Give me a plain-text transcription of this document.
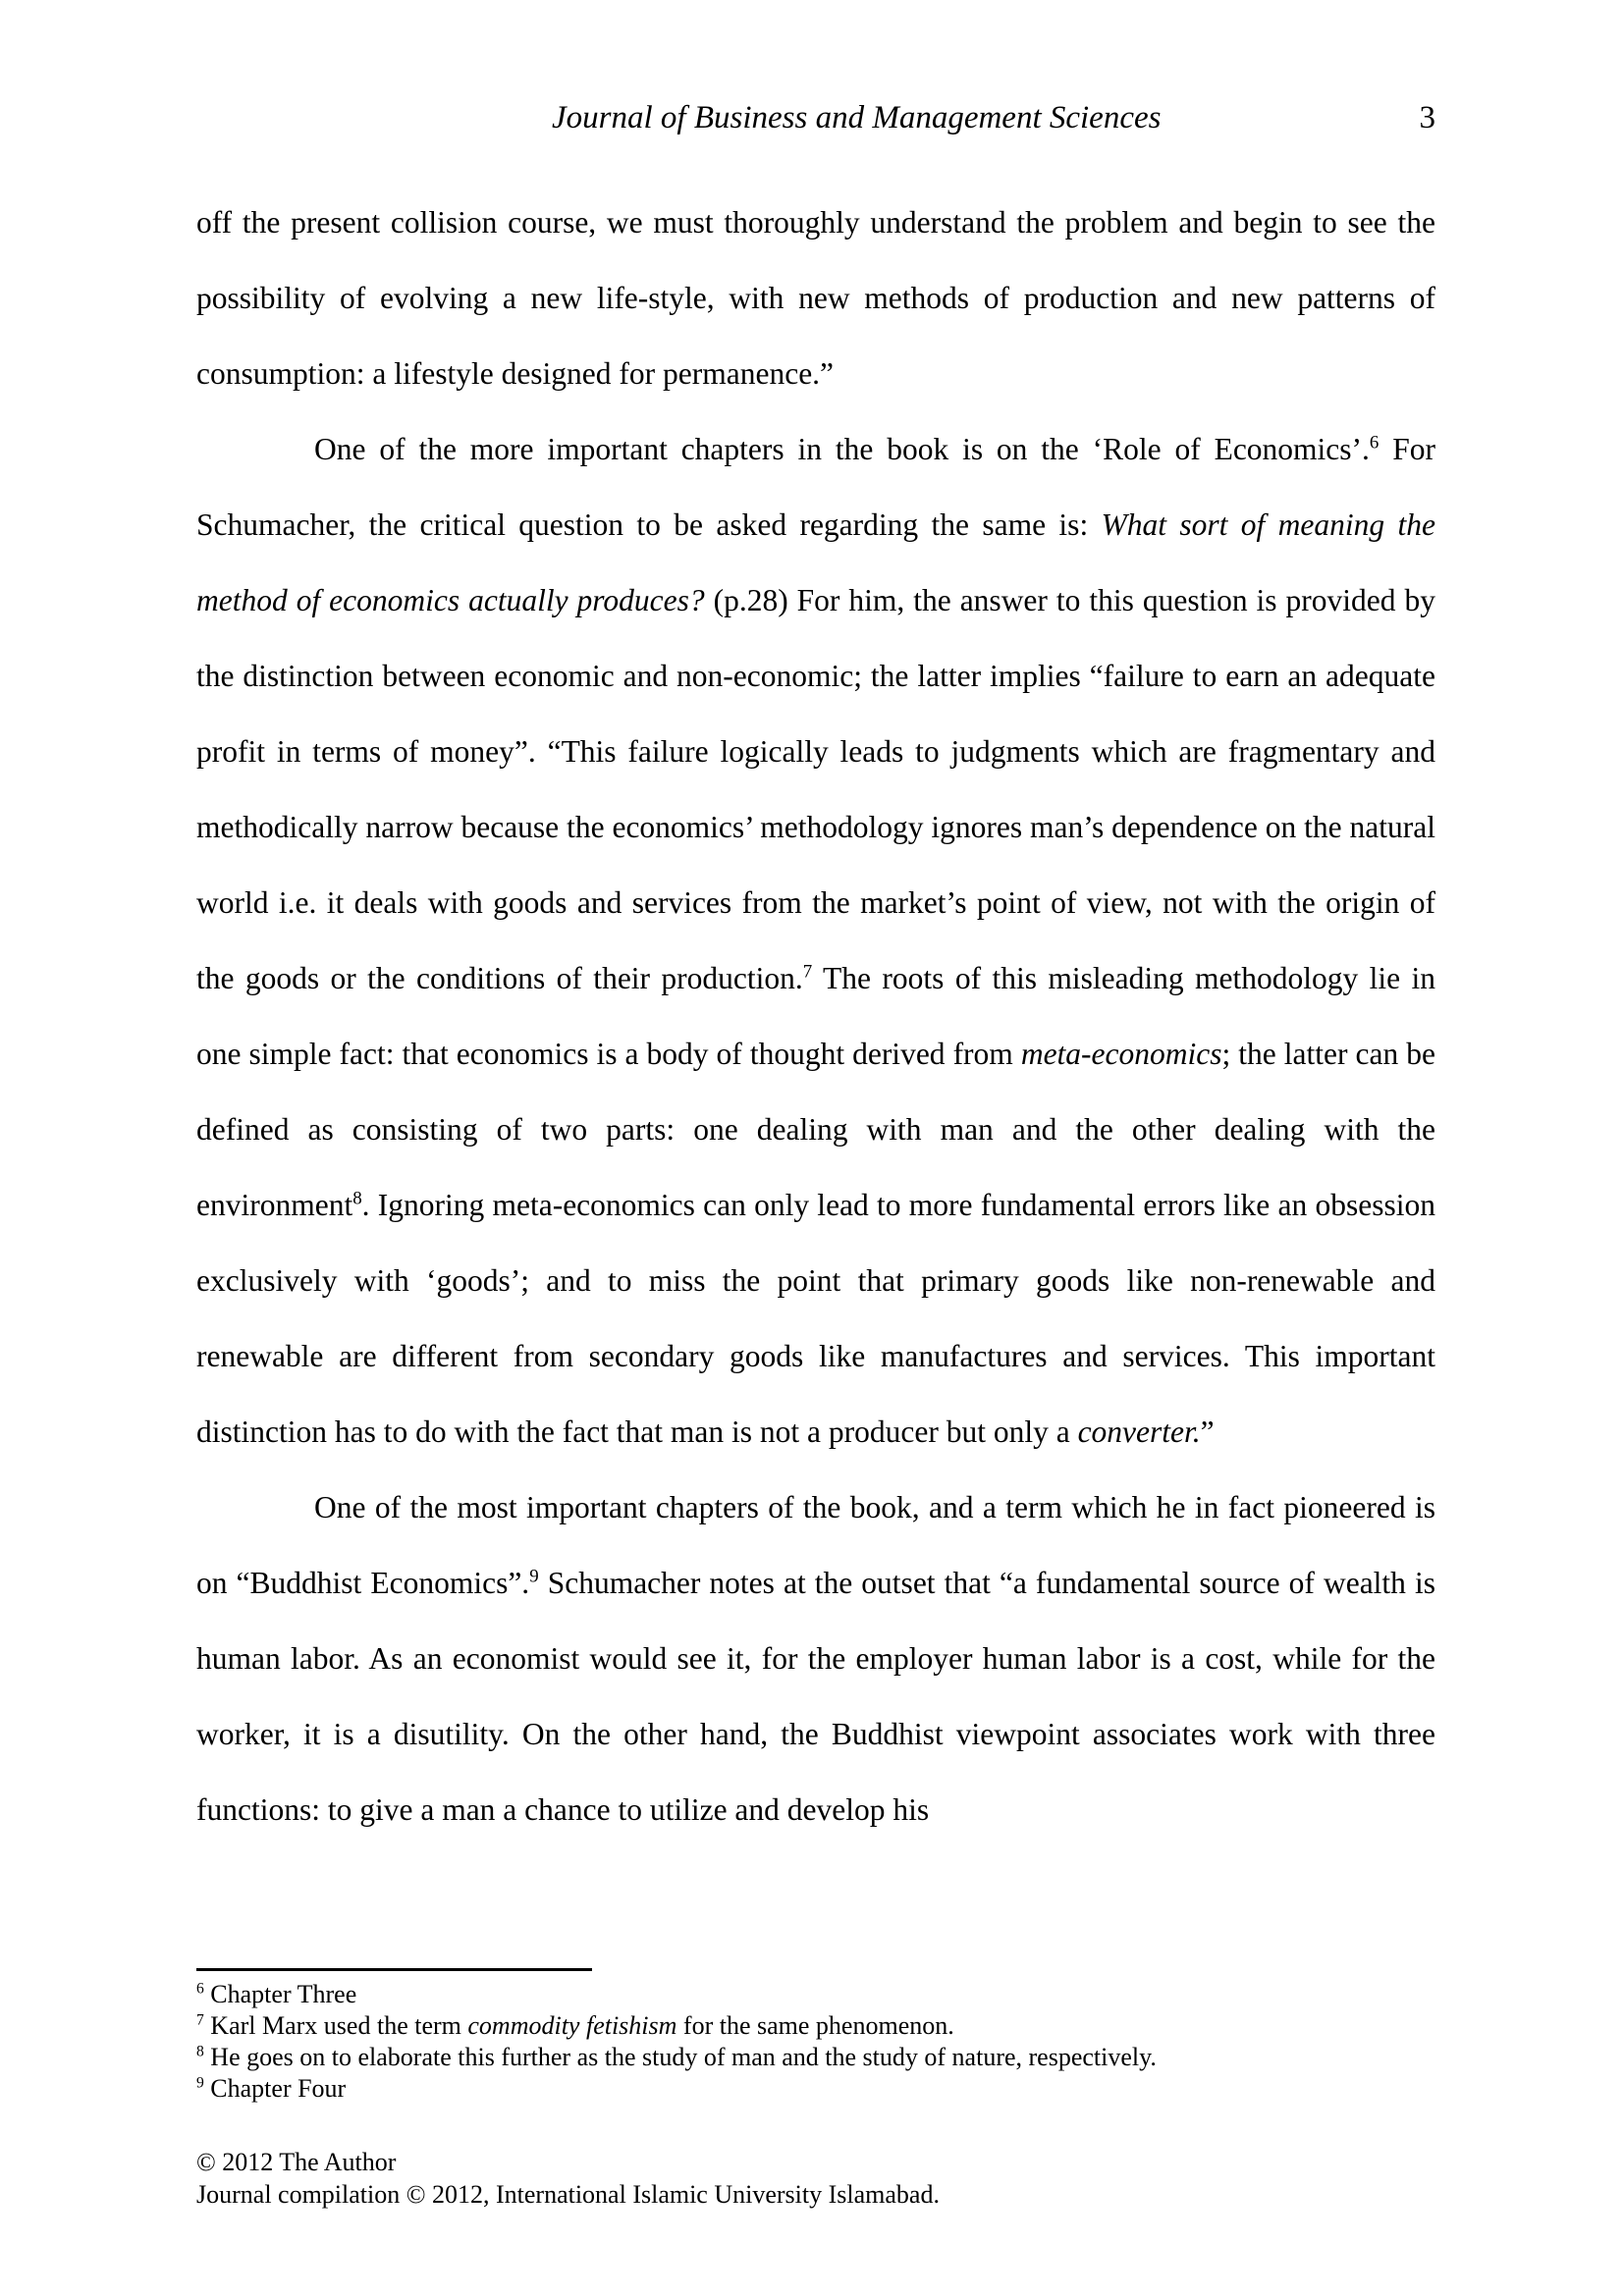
Journal of Business and Management Sciences	3

off the present collision course, we must thoroughly understand the problem and begin to see the possibility of evolving a new life-style, with new methods of production and new patterns of consumption: a lifestyle designed for permanence.”

One of the more important chapters in the book is on the ‘Role of Economics’.$^6$ For Schumacher, the critical question to be asked regarding the same is: What sort of meaning the method of economics actually produces? (p.28) For him, the answer to this question is provided by the distinction between economic and non-economic; the latter implies “failure to earn an adequate profit in terms of money”. “This failure logically leads to judgments which are fragmentary and methodically narrow because the economics’ methodology ignores man’s dependence on the natural world i.e. it deals with goods and services from the market’s point of view, not with the origin of the goods or the conditions of their production.$^7$ The roots of this misleading methodology lie in one simple fact: that economics is a body of thought derived from meta-economics; the latter can be defined as consisting of two parts: one dealing with man and the other dealing with the environment$^8$. Ignoring meta-economics can only lead to more fundamental errors like an obsession exclusively with ‘goods’; and to miss the point that primary goods like non-renewable and renewable are different from secondary goods like manufactures and services. This important distinction has to do with the fact that man is not a producer but only a converter.”

One of the most important chapters of the book, and a term which he in fact pioneered is on “Buddhist Economics”.$^9$ Schumacher notes at the outset that “a fundamental source of wealth is human labor. As an economist would see it, for the employer human labor is a cost, while for the worker, it is a disutility. On the other hand, the Buddhist viewpoint associates work with three functions: to give a man a chance to utilize and develop his

$^6$ Chapter Three
$^7$ Karl Marx used the term commodity fetishism for the same phenomenon.
$^8$ He goes on to elaborate this further as the study of man and the study of nature, respectively.
$^9$ Chapter Four
© 2012 The Author
Journal compilation © 2012, International Islamic University Islamabad.
